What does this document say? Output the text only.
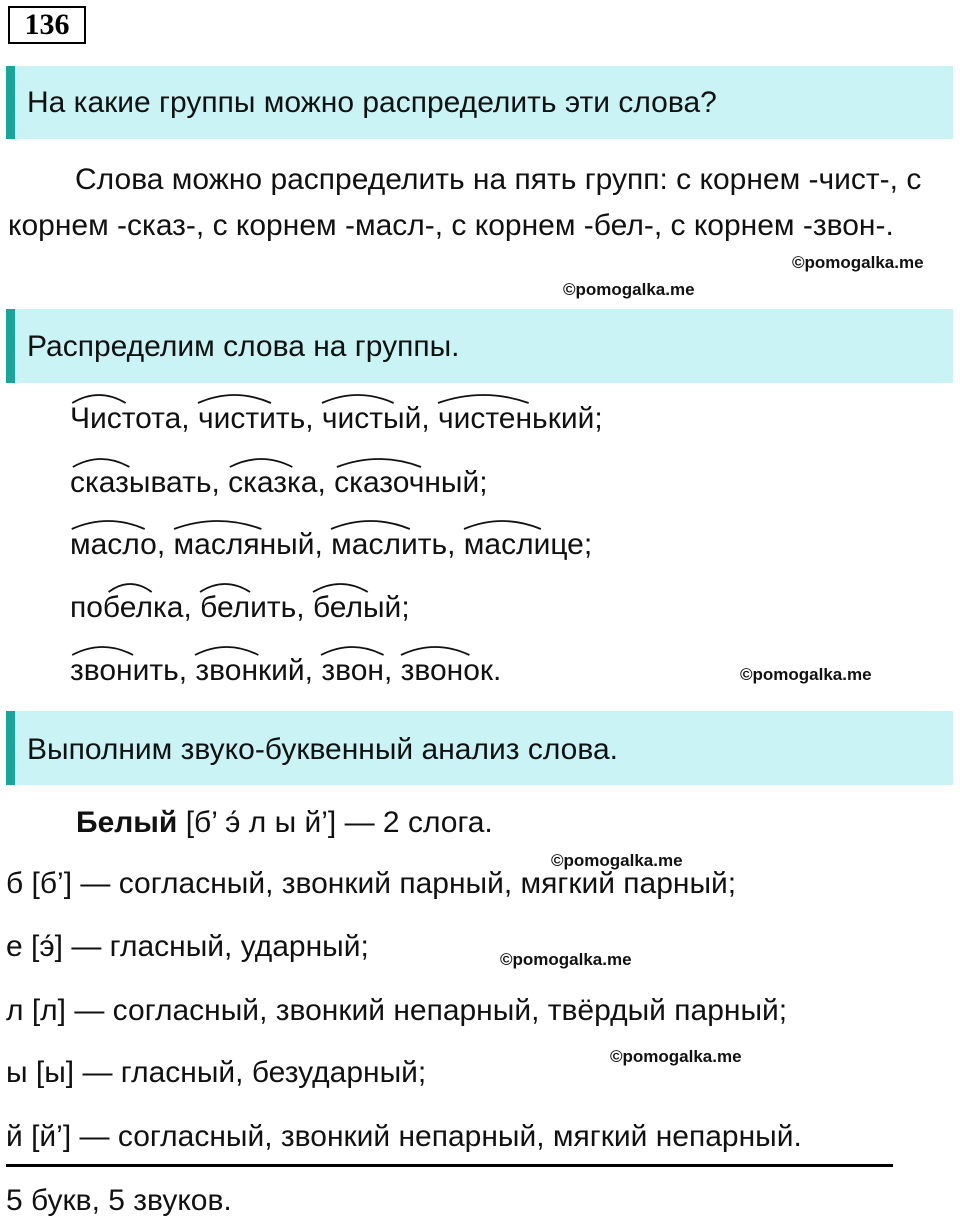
136
На какие группы можно распределить эти слова?

Слова можно распределить на пять групп: с корнем -чист-, с корнем -сказ-, с корнем -масл-, с корнем -бел-, с корнем -звон-.

©pomogalka.me
©pomogalka.me
Распределим слова на группы.
Чистота
, чистить
, чистый
, чистенький
;
сказывать
, сказка
, сказочный
;
масло
, масляный
, маслить
, маслице
;
побелка
, белить
, белый
;
звонить
, звонкий
, звон
, звонок
.	©pomogalka.me
Выполним звуко-буквенный анализ слова.
Белый [б’ э́ л ы й’] — 2 слога.
©pomogalka.me
б [б’] — согласный, звонкий парный, мягкий парный;
©pomogalka.me
е [э́] — гласный, ударный;
л [л] — согласный, звонкий непарный, твёрдый парный;
©pomogalka.me
ы [ы] — гласный, безударный;
й [й’] — согласный, звонкий непарный, мягкий непарный.
5 букв, 5 звуков.
